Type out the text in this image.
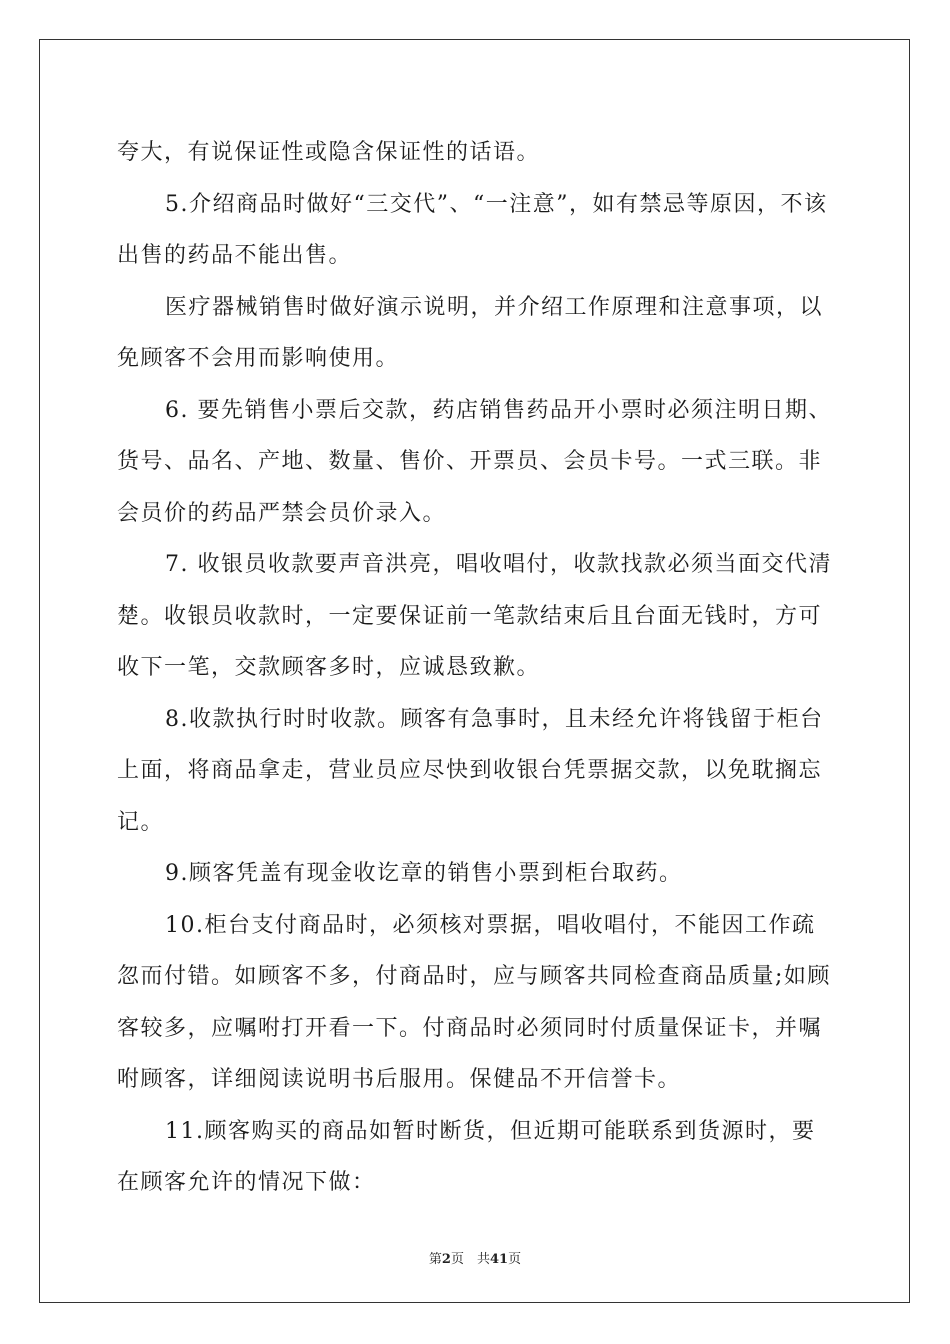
夸大，有说保证性或隐含保证性的话语。

5.介绍商品时做好“三交代”、“一注意”，如有禁忌等原因，不该出售的药品不能出售。

医疗器械销售时做好演示说明，并介绍工作原理和注意事项，以免顾客不会用而影响使用。

6. 要先销售小票后交款，药店销售药品开小票时必须注明日期、货号、品名、产地、数量、售价、开票员、会员卡号。一式三联。非会员价的药品严禁会员价录入。

7. 收银员收款要声音洪亮，唱收唱付，收款找款必须当面交代清楚。收银员收款时，一定要保证前一笔款结束后且台面无钱时，方可收下一笔，交款顾客多时，应诚恳致歉。

8.收款执行时时收款。顾客有急事时，且未经允许将钱留于柜台上面，将商品拿走，营业员应尽快到收银台凭票据交款，以免耽搁忘记。

9.顾客凭盖有现金收讫章的销售小票到柜台取药。

10.柜台支付商品时，必须核对票据，唱收唱付，不能因工作疏忽而付错。如顾客不多，付商品时，应与顾客共同检查商品质量;如顾客较多，应嘱咐打开看一下。付商品时必须同时付质量保证卡，并嘱咐顾客，详细阅读说明书后服用。保健品不开信誉卡。

11.顾客购买的商品如暂时断货，但近期可能联系到货源时，要在顾客允许的情况下做：

第2页　共41页
